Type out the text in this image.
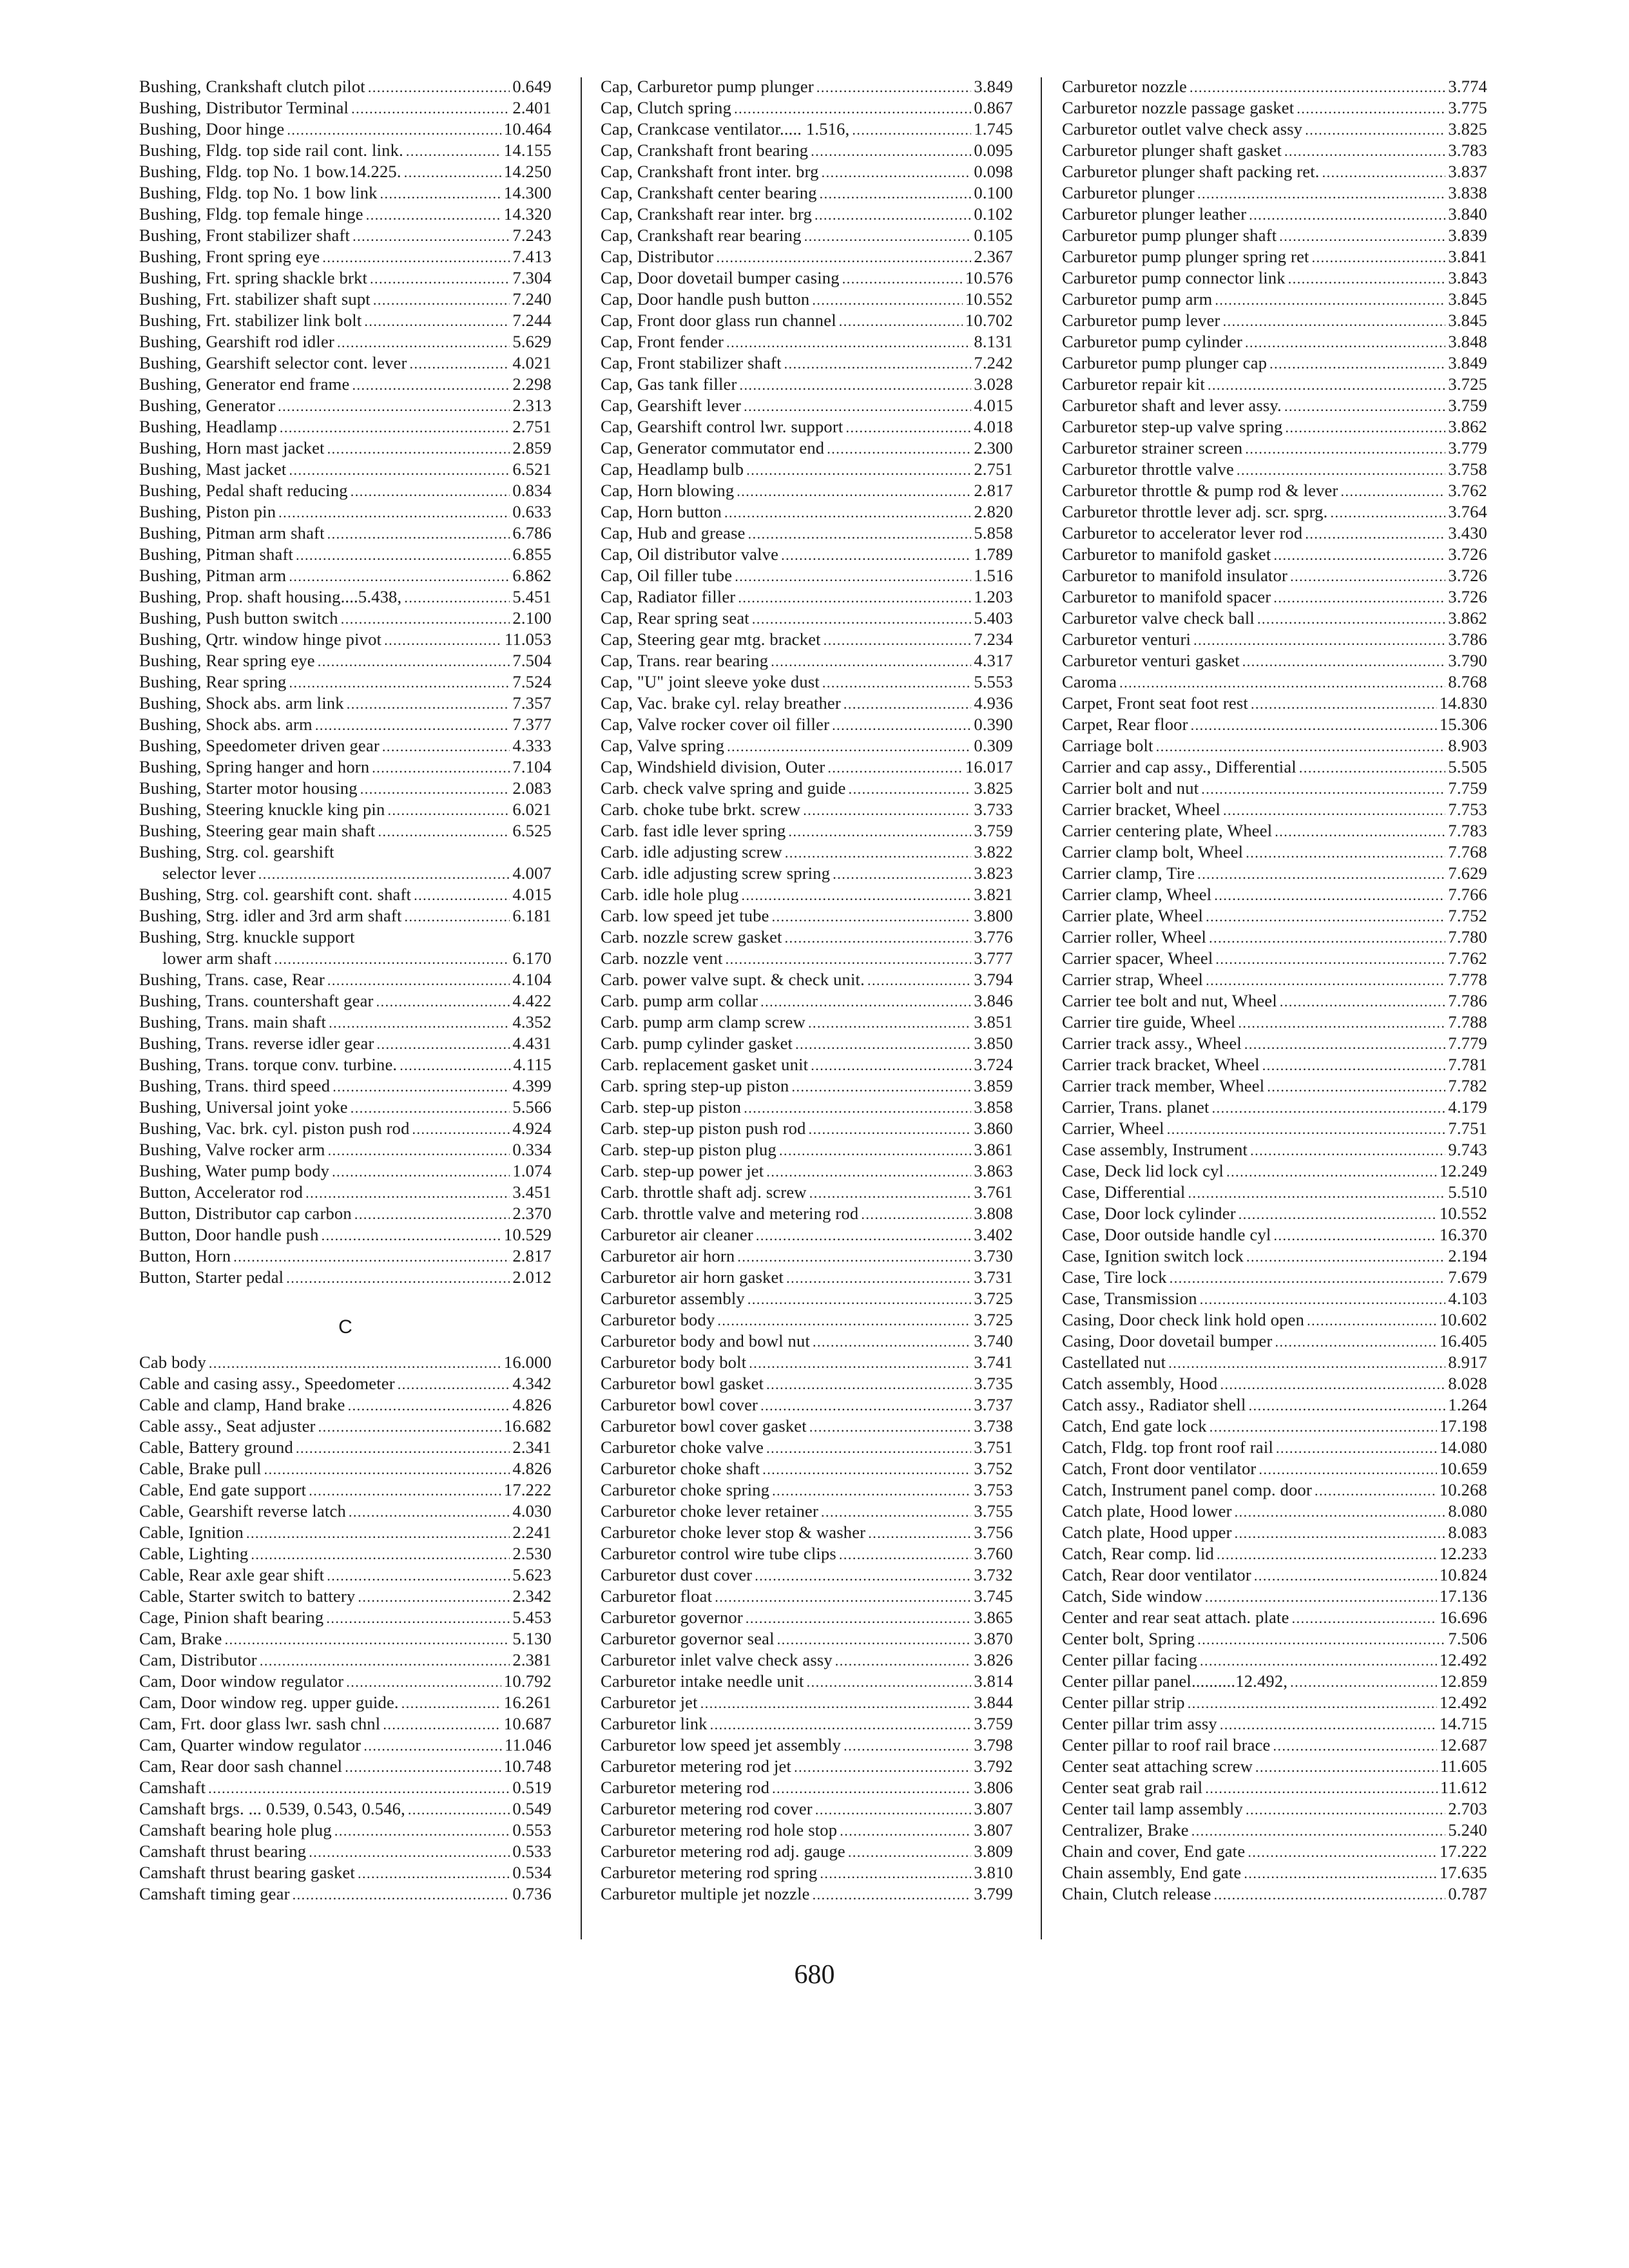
Bushing, Crankshaft clutch pilot . . .	0.649
Bushing, Distributor Terminal . . .	2.401
Bushing, Door hinge . . .	10.464
Bushing, Fldg. top side rail cont. link. . . .	14.155
Bushing, Fldg. top No. 1 bow.14.225. . . .	14.250
Bushing, Fldg. top No. 1 bow link . . .	14.300
Bushing, Fldg. top female hinge . . .	14.320
Bushing, Front stabilizer shaft . . .	7.243
Bushing, Front spring eye . . .	7.413
Bushing, Frt. spring shackle brkt . . .	7.304
Bushing, Frt. stabilizer shaft supt . . .	7.240
Bushing, Frt. stabilizer link bolt . . .	7.244
Bushing, Gearshift rod idler . . .	5.629
Bushing, Gearshift selector cont. lever . . .	4.021
Bushing, Generator end frame . . .	2.298
Bushing, Generator . . .	2.313
Bushing, Headlamp . . .	2.751
Bushing, Horn mast jacket . . .	2.859
Bushing, Mast jacket . . .	6.521
Bushing, Pedal shaft reducing . . .	0.834
Bushing, Piston pin . . .	0.633
Bushing, Pitman arm shaft . . .	6.786
Bushing, Pitman shaft . . .	6.855
Bushing, Pitman arm . . .	6.862
Bushing, Prop. shaft housing....5.438, . . .	5.451
Bushing, Push button switch . . .	2.100
Bushing, Qrtr. window hinge pivot . . .	11.053
Bushing, Rear spring eye . . .	7.504
Bushing, Rear spring . . .	7.524
Bushing, Shock abs. arm link . . .	7.357
Bushing, Shock abs. arm . . .	7.377
Bushing, Speedometer driven gear . . .	4.333
Bushing, Spring hanger and horn . . .	7.104
Bushing, Starter motor housing . . .	2.083
Bushing, Steering knuckle king pin . . .	6.021
Bushing, Steering gear main shaft . . .	6.525
Bushing, Strg. col. gearshift
selector lever . . .	4.007
Bushing, Strg. col. gearshift cont. shaft . . .	4.015
Bushing, Strg. idler and 3rd arm shaft . . .	6.181
Bushing, Strg. knuckle support
lower arm shaft . . .	6.170
Bushing, Trans. case, Rear . . .	4.104
Bushing, Trans. countershaft gear . . .	4.422
Bushing, Trans. main shaft . . .	4.352
Bushing, Trans. reverse idler gear . . .	4.431
Bushing, Trans. torque conv. turbine. . . .	4.115
Bushing, Trans. third speed . . .	4.399
Bushing, Universal joint yoke . . .	5.566
Bushing, Vac. brk. cyl. piston push rod . . .	4.924
Bushing, Valve rocker arm . . .	0.334
Bushing, Water pump body . . .	1.074
Button, Accelerator rod . . .	3.451
Button, Distributor cap carbon . . .	2.370
Button, Door handle push . . .	10.529
Button, Horn . . .	2.817
Button, Starter pedal . . .	2.012
C
Cab body . . .	16.000
Cable and casing assy., Speedometer . . .	4.342
Cable and clamp, Hand brake . . .	4.826
Cable assy., Seat adjuster . . .	16.682
Cable, Battery ground . . .	2.341
Cable, Brake pull . . .	4.826
Cable, End gate support . . .	17.222
Cable, Gearshift reverse latch . . .	4.030
Cable, Ignition . . .	2.241
Cable, Lighting . . .	2.530
Cable, Rear axle gear shift . . .	5.623
Cable, Starter switch to battery . . .	2.342
Cage, Pinion shaft bearing . . .	5.453
Cam, Brake . . .	5.130
Cam, Distributor . . .	2.381
Cam, Door window regulator . . .	10.792
Cam, Door window reg. upper guide. . . .	16.261
Cam, Frt. door glass lwr. sash chnl . . .	10.687
Cam, Quarter window regulator . . .	11.046
Cam, Rear door sash channel . . .	10.748
Camshaft . . .	0.519
Camshaft brgs. ... 0.539, 0.543, 0.546, . . .	0.549
Camshaft bearing hole plug . . .	0.553
Camshaft thrust bearing . . .	0.533
Camshaft thrust bearing gasket . . .	0.534
Camshaft timing gear . . .	0.736
Cap, Carburetor pump plunger . . .	3.849
Cap, Clutch spring . . .	0.867
Cap, Crankcase ventilator..... 1.516, . . .	1.745
Cap, Crankshaft front bearing . . .	0.095
Cap, Crankshaft front inter. brg . . .	0.098
Cap, Crankshaft center bearing . . .	0.100
Cap, Crankshaft rear inter. brg . . .	0.102
Cap, Crankshaft rear bearing . . .	0.105
Cap, Distributor . . .	2.367
Cap, Door dovetail bumper casing . . .	10.576
Cap, Door handle push button . . .	10.552
Cap, Front door glass run channel . . .	10.702
Cap, Front fender . . .	8.131
Cap, Front stabilizer shaft . . .	7.242
Cap, Gas tank filler . . .	3.028
Cap, Gearshift lever . . .	4.015
Cap, Gearshift control lwr. support . . .	4.018
Cap, Generator commutator end . . .	2.300
Cap, Headlamp bulb . . .	2.751
Cap, Horn blowing . . .	2.817
Cap, Horn button . . .	2.820
Cap, Hub and grease . . .	5.858
Cap, Oil distributor valve . . .	1.789
Cap, Oil filler tube . . .	1.516
Cap, Radiator filler . . .	1.203
Cap, Rear spring seat . . .	5.403
Cap, Steering gear mtg. bracket . . .	7.234
Cap, Trans. rear bearing . . .	4.317
Cap, "U" joint sleeve yoke dust . . .	5.553
Cap, Vac. brake cyl. relay breather . . .	4.936
Cap, Valve rocker cover oil filler . . .	0.390
Cap, Valve spring . . .	0.309
Cap, Windshield division, Outer . . .	16.017
Carb. check valve spring and guide . . .	3.825
Carb. choke tube brkt. screw . . .	3.733
Carb. fast idle lever spring . . .	3.759
Carb. idle adjusting screw . . .	3.822
Carb. idle adjusting screw spring . . .	3.823
Carb. idle hole plug . . .	3.821
Carb. low speed jet tube . . .	3.800
Carb. nozzle screw gasket . . .	3.776
Carb. nozzle vent . . .	3.777
Carb. power valve supt. & check unit. . . .	3.794
Carb. pump arm collar . . .	3.846
Carb. pump arm clamp screw . . .	3.851
Carb. pump cylinder gasket . . .	3.850
Carb. replacement gasket unit . . .	3.724
Carb. spring step-up piston . . .	3.859
Carb. step-up piston . . .	3.858
Carb. step-up piston push rod . . .	3.860
Carb. step-up piston plug . . .	3.861
Carb. step-up power jet . . .	3.863
Carb. throttle shaft adj. screw . . .	3.761
Carb. throttle valve and metering rod . . .	3.808
Carburetor air cleaner . . .	3.402
Carburetor air horn . . .	3.730
Carburetor air horn gasket . . .	3.731
Carburetor assembly . . .	3.725
Carburetor body . . .	3.725
Carburetor body and bowl nut . . .	3.740
Carburetor body bolt . . .	3.741
Carburetor bowl gasket . . .	3.735
Carburetor bowl cover . . .	3.737
Carburetor bowl cover gasket . . .	3.738
Carburetor choke valve . . .	3.751
Carburetor choke shaft . . .	3.752
Carburetor choke spring . . .	3.753
Carburetor choke lever retainer . . .	3.755
Carburetor choke lever stop & washer . . .	3.756
Carburetor control wire tube clips . . .	3.760
Carburetor dust cover . . .	3.732
Carburetor float . . .	3.745
Carburetor governor . . .	3.865
Carburetor governor seal . . .	3.870
Carburetor inlet valve check assy . . .	3.826
Carburetor intake needle unit . . .	3.814
Carburetor jet . . .	3.844
Carburetor link . . .	3.759
Carburetor low speed jet assembly . . .	3.798
Carburetor metering rod jet . . .	3.792
Carburetor metering rod . . .	3.806
Carburetor metering rod cover . . .	3.807
Carburetor metering rod hole stop . . .	3.807
Carburetor metering rod adj. gauge . . .	3.809
Carburetor metering rod spring . . .	3.810
Carburetor multiple jet nozzle . . .	3.799
Carburetor nozzle . . .	3.774
Carburetor nozzle passage gasket . . .	3.775
Carburetor outlet valve check assy . . .	3.825
Carburetor plunger shaft gasket . . .	3.783
Carburetor plunger shaft packing ret. . . .	3.837
Carburetor plunger . . .	3.838
Carburetor plunger leather . . .	3.840
Carburetor pump plunger shaft . . .	3.839
Carburetor pump plunger spring ret . . .	3.841
Carburetor pump connector link . . .	3.843
Carburetor pump arm . . .	3.845
Carburetor pump lever . . .	3.845
Carburetor pump cylinder . . .	3.848
Carburetor pump plunger cap . . .	3.849
Carburetor repair kit . . .	3.725
Carburetor shaft and lever assy. . . .	3.759
Carburetor step-up valve spring . . .	3.862
Carburetor strainer screen . . .	3.779
Carburetor throttle valve . . .	3.758
Carburetor throttle & pump rod & lever . . .	3.762
Carburetor throttle lever adj. scr. sprg. . . .	3.764
Carburetor to accelerator lever rod . . .	3.430
Carburetor to manifold gasket . . .	3.726
Carburetor to manifold insulator . . .	3.726
Carburetor to manifold spacer . . .	3.726
Carburetor valve check ball . . .	3.862
Carburetor venturi . . .	3.786
Carburetor venturi gasket . . .	3.790
Caroma . . .	8.768
Carpet, Front seat foot rest . . .	14.830
Carpet, Rear floor . . .	15.306
Carriage bolt . . .	8.903
Carrier and cap assy., Differential . . .	5.505
Carrier bolt and nut . . .	7.759
Carrier bracket, Wheel . . .	7.753
Carrier centering plate, Wheel . . .	7.783
Carrier clamp bolt, Wheel . . .	7.768
Carrier clamp, Tire . . .	7.629
Carrier clamp, Wheel . . .	7.766
Carrier plate, Wheel . . .	7.752
Carrier roller, Wheel . . .	7.780
Carrier spacer, Wheel . . .	7.762
Carrier strap, Wheel . . .	7.778
Carrier tee bolt and nut, Wheel . . .	7.786
Carrier tire guide, Wheel . . .	7.788
Carrier track assy., Wheel . . .	7.779
Carrier track bracket, Wheel . . .	7.781
Carrier track member, Wheel . . .	7.782
Carrier, Trans. planet . . .	4.179
Carrier, Wheel . . .	7.751
Case assembly, Instrument . . .	9.743
Case, Deck lid lock cyl . . .	12.249
Case, Differential . . .	5.510
Case, Door lock cylinder . . .	10.552
Case, Door outside handle cyl . . .	16.370
Case, Ignition switch lock . . .	2.194
Case, Tire lock . . .	7.679
Case, Transmission . . .	4.103
Casing, Door check link hold open . . .	10.602
Casing, Door dovetail bumper . . .	16.405
Castellated nut . . .	8.917
Catch assembly, Hood . . .	8.028
Catch assy., Radiator shell . . .	1.264
Catch, End gate lock . . .	17.198
Catch, Fldg. top front roof rail . . .	14.080
Catch, Front door ventilator . . .	10.659
Catch, Instrument panel comp. door . . .	10.268
Catch plate, Hood lower . . .	8.080
Catch plate, Hood upper . . .	8.083
Catch, Rear comp. lid . . .	12.233
Catch, Rear door ventilator . . .	10.824
Catch, Side window . . .	17.136
Center and rear seat attach. plate . . .	16.696
Center bolt, Spring . . .	7.506
Center pillar facing . . .	12.492
Center pillar panel..........12.492, . . .	12.859
Center pillar strip . . .	12.492
Center pillar trim assy . . .	14.715
Center pillar to roof rail brace . . .	12.687
Center seat attaching screw . . .	11.605
Center seat grab rail . . .	11.612
Center tail lamp assembly . . .	2.703
Centralizer, Brake . . .	5.240
Chain and cover, End gate . . .	17.222
Chain assembly, End gate . . .	17.635
Chain, Clutch release . . .	0.787
680
